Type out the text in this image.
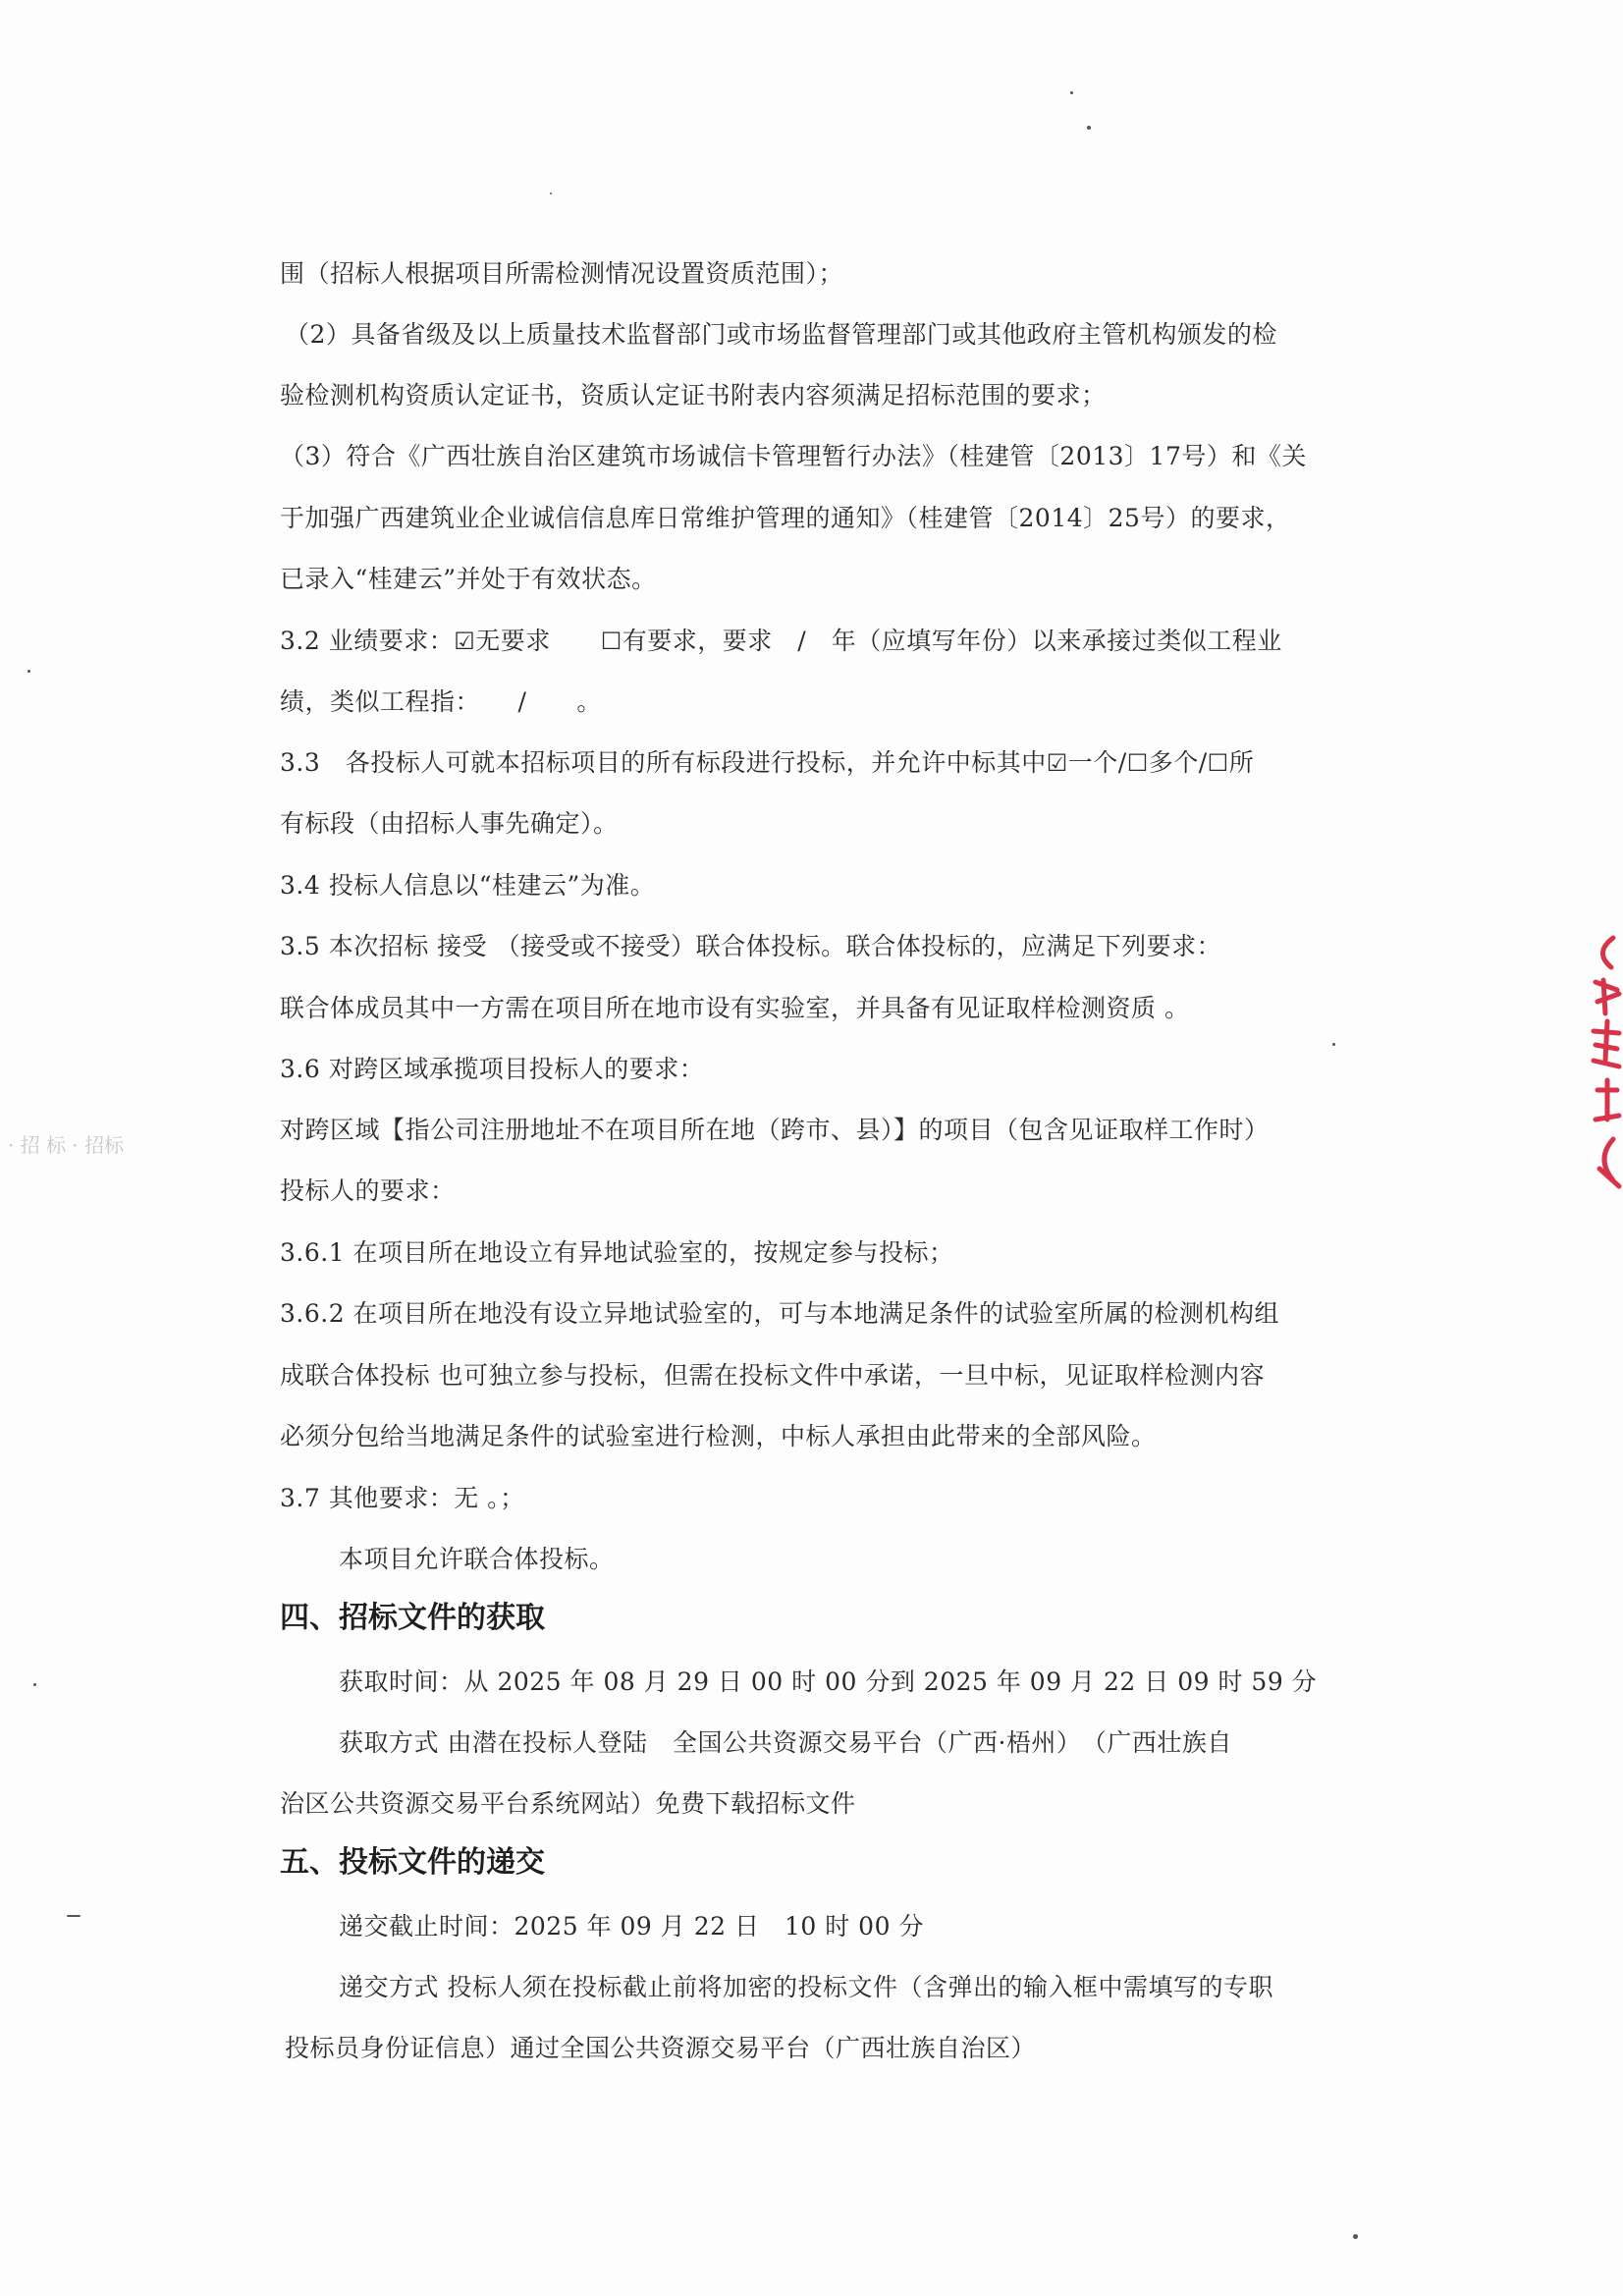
围（招标人根据项目所需检测情况设置资质范围）；
（2）具备省级及以上质量技术监督部门或市场监督管理部门或其他政府主管机构颁发的检
验检测机构资质认定证书，资质认定证书附表内容须满足招标范围的要求；
（3）符合《广西壮族自治区建筑市场诚信卡管理暂行办法》（桂建管〔2013〕17号）和《关
于加强广西建筑业企业诚信信息库日常维护管理的通知》（桂建管〔2014〕25号）的要求，
已录入“桂建云”并处于有效状态。
3.2 业绩要求：☑无要求　　 ☐有要求，要求　/　年（应填写年份）以来承接过类似工程业
绩，类似工程指：　　/　　。
3.3　各投标人可就本招标项目的所有标段进行投标，并允许中标其中☑一个/☐多个/☐所
有标段（由招标人事先确定）。
3.4 投标人信息以“桂建云”为准。
3.5 本次招标 接受 （接受或不接受）联合体投标。联合体投标的，应满足下列要求：
联合体成员其中一方需在项目所在地市设有实验室，并具备有见证取样检测资质 。
3.6 对跨区域承揽项目投标人的要求：
对跨区域【指公司注册地址不在项目所在地（跨市、县）】的项目（包含见证取样工作时）
投标人的要求：
3.6.1 在项目所在地设立有异地试验室的，按规定参与投标；
3.6.2 在项目所在地没有设立异地试验室的，可与本地满足条件的试验室所属的检测机构组
成联合体投标 也可独立参与投标，但需在投标文件中承诺，一旦中标，见证取样检测内容
必须分包给当地满足条件的试验室进行检测，中标人承担由此带来的全部风险。
3.7 其他要求：无 。；
本项目允许联合体投标。
四、招标文件的获取
获取时间：从 2025 年 08 月 29 日 00 时 00 分到 2025 年 09 月 22 日 09 时 59 分
获取方式 由潜在投标人登陆　全国公共资源交易平台（广西·梧州）　（广西壮族自
治区公共资源交易平台系统网站）免费下载招标文件
五、投标文件的递交
递交截止时间：2025 年 09 月 22 日　10 时 00 分
递交方式 投标人须在投标截止前将加密的投标文件（含弹出的输入框中需填写的专职
投标员身份证信息）通过全国公共资源交易平台（广西壮族自治区）
· 招 标 · 招标
